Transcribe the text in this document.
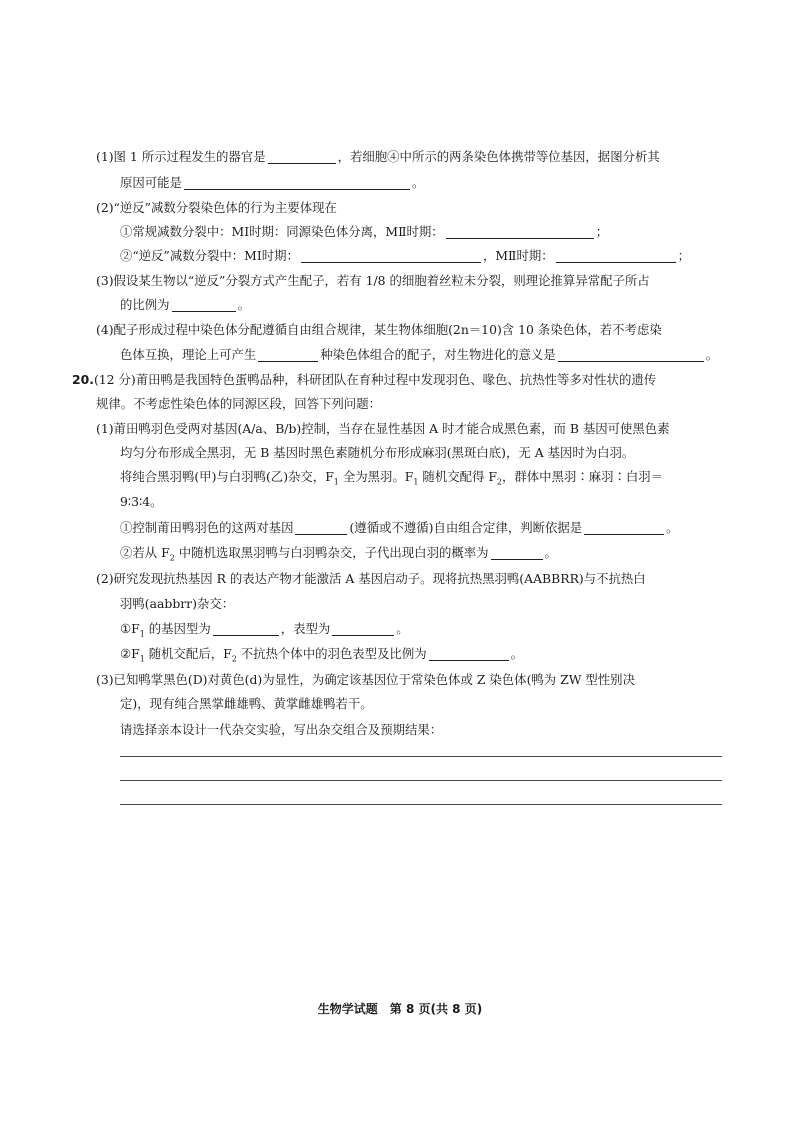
(1)图 1 所示过程发生的器官是	，若细胞④中所示的两条染色体携带等位基因，据图分析其
原因可能是	。
(2)“逆反”减数分裂染色体的行为主要体现在
①常规减数分裂中：MⅠ时期：同源染色体分离，MⅡ时期：	；
②“逆反”减数分裂中：MⅠ时期：	，MⅡ时期：	；
(3)假设某生物以“逆反”分裂方式产生配子，若有 1/8 的细胞着丝粒未分裂，则理论推算异常配子所占
的比例为	。
(4)配子形成过程中染色体分配遵循自由组合规律，某生物体细胞(2n＝10)含 10 条染色体，若不考虑染
色体互换，理论上可产生	种染色体组合的配子，对生物进化的意义是	。
20.(12 分)莆田鸭是我国特色蛋鸭品种，科研团队在育种过程中发现羽色、喙色、抗热性等多对性状的遗传
规律。不考虑性染色体的同源区段，回答下列问题：
(1)莆田鸭羽色受两对基因(A/a、B/b)控制，当存在显性基因 A 时才能合成黑色素，而 B 基因可使黑色素
均匀分布形成全黑羽，无 B 基因时黑色素随机分布形成麻羽(黑斑白底)，无 A 基因时为白羽。
将纯合黑羽鸭(甲)与白羽鸭(乙)杂交，$F_1$ 全为黑羽。$F_1$ 随机交配得 $F_2$，群体中黑羽∶麻羽∶白羽＝
9∶3∶4。
①控制莆田鸭羽色的这两对基因	(遵循或不遵循)自由组合定律，判断依据是	。
②若从 $F_2$ 中随机选取黑羽鸭与白羽鸭杂交，子代出现白羽的概率为	。
(2)研究发现抗热基因 R 的表达产物才能激活 A 基因启动子。现将抗热黑羽鸭(AABBRR)与不抗热白
羽鸭(aabbrr)杂交：
$①F_1$ 的基因型为	，表型为	。
$②F_1$ 随机交配后，$F_2$ 不抗热个体中的羽色表型及比例为	。
(3)已知鸭掌黑色(D)对黄色(d)为显性，为确定该基因位于常染色体或 Z 染色体(鸭为 ZW 型性别决
定)，现有纯合黑掌雌雄鸭、黄掌雌雄鸭若干。
请选择亲本设计一代杂交实验，写出杂交组合及预期结果：
生物学试题　第 8 页(共 8 页)
